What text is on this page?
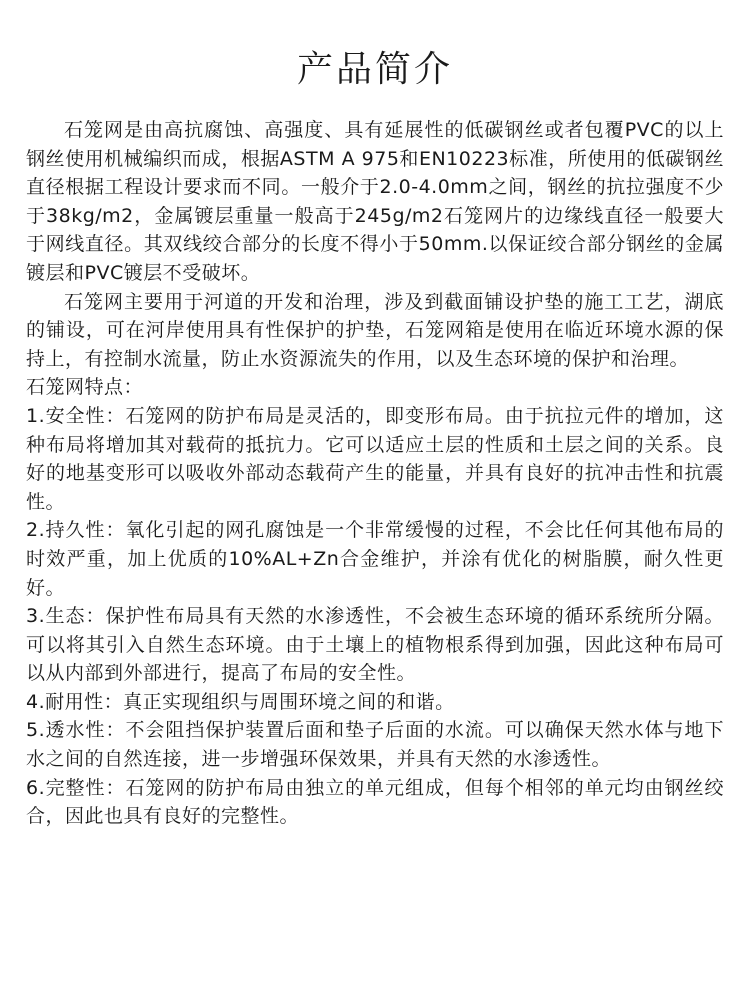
产品简介

石笼网是由高抗腐蚀、高强度、具有延展性的低碳钢丝或者包覆PVC的以上钢丝使用机械编织而成，根据ASTM A 975和EN10223标准，所使用的低碳钢丝直径根据工程设计要求而不同。一般介于2.0-4.0mm之间，钢丝的抗拉强度不少于38kg/m2，金属镀层重量一般高于245g/m2石笼网片的边缘线直径一般要大于网线直径。其双线绞合部分的长度不得小于50mm.以保证绞合部分钢丝的金属镀层和PVC镀层不受破坏。

石笼网主要用于河道的开发和治理，涉及到截面铺设护垫的施工工艺，湖底的铺设，可在河岸使用具有性保护的护垫，石笼网箱是使用在临近环境水源的保持上，有控制水流量，防止水资源流失的作用，以及生态环境的保护和治理。

石笼网特点：

1.安全性：石笼网的防护布局是灵活的，即变形布局。由于抗拉元件的增加，这种布局将增加其对载荷的抵抗力。它可以适应土层的性质和土层之间的关系。良好的地基变形可以吸收外部动态载荷产生的能量，并具有良好的抗冲击性和抗震性。

2.持久性：氧化引起的网孔腐蚀是一个非常缓慢的过程，不会比任何其他布局的时效严重，加上优质的10%AL+Zn合金维护，并涂有优化的树脂膜，耐久性更好。

3.生态：保护性布局具有天然的水渗透性，不会被生态环境的循环系统所分隔。可以将其引入自然生态环境。由于土壤上的植物根系得到加强，因此这种布局可以从内部到外部进行，提高了布局的安全性。

4.耐用性：真正实现组织与周围环境之间的和谐。

5.透水性：不会阻挡保护装置后面和垫子后面的水流。可以确保天然水体与地下水之间的自然连接，进一步增强环保效果，并具有天然的水渗透性。

6.完整性：石笼网的防护布局由独立的单元组成，但每个相邻的单元均由钢丝绞合，因此也具有良好的完整性。
